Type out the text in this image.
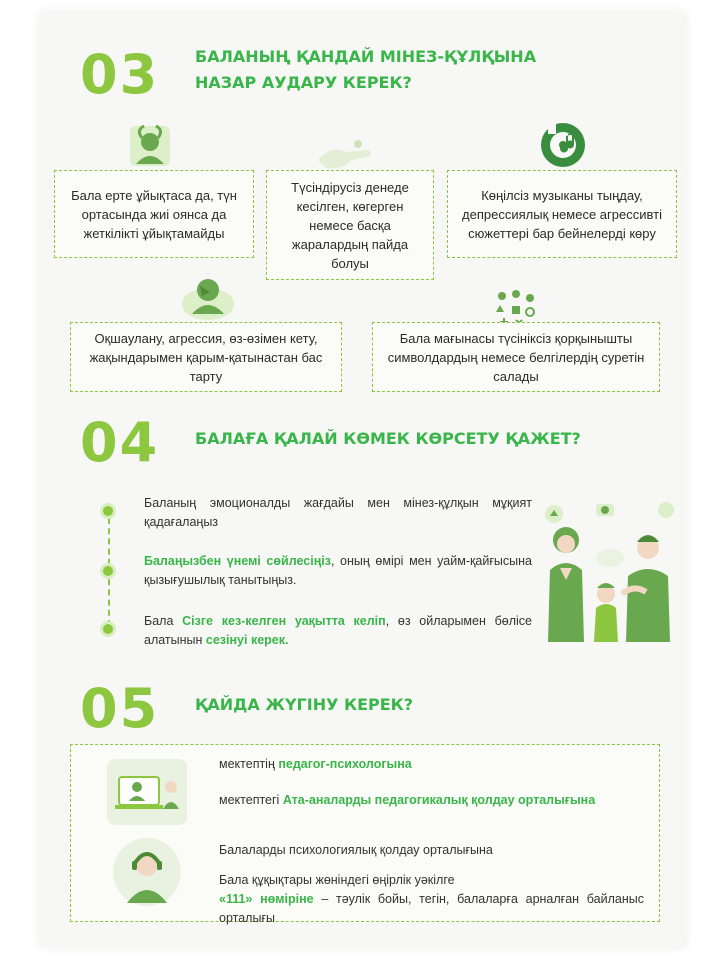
03 БАЛАНЫҢ ҚАНДАЙ МІНЕЗ-ҚҰЛҚЫНА
НАЗАР АУДАРУ КЕРЕК?
Бала ерте ұйықтаса да, түн ортасында жиі оянса да жеткілікті ұйықтамайды
Түсіндірусіз денеде кесілген, көгерген немесе басқа жаралардың пайда болуы
Көңілсіз музыканы тыңдау, депрессиялық немесе агрессивті сюжеттері бар бейнелерді көру
Оқшаулану, агрессия, өз-өзімен кету, жақындарымен қарым-қатынастан бас тарту
Бала мағынасы түсініксіз қорқынышты символдардың немесе белгілердің суретін салады
04 БАЛАҒА ҚАЛАЙ КӨМЕК КӨРСЕТУ ҚАЖЕТ?
Баланың эмоционалды жағдайы мен мінез-құлқын мұқият қадағалаңыз
Балаңызбен үнемі сөйлесіңіз, оның өмірі мен уайм-қайғысына қызығушылық танытыңыз.
Бала Сізге кез-келген уақытта келіп, өз ойларымен бөлісе алатынын сезінуі керек.
05 ҚАЙДА ЖҮГІНУ КЕРЕК?
мектептің педагог-психологына
мектептегі Ата-аналарды педагогикалық қолдау орталығына
Балаларды психологиялық қолдау орталығына
Бала құқықтары жөніндегі өңірлік уәкілге
«111» нөміріне – тәулік бойы, тегін, балаларға арналған байланыс орталығы
